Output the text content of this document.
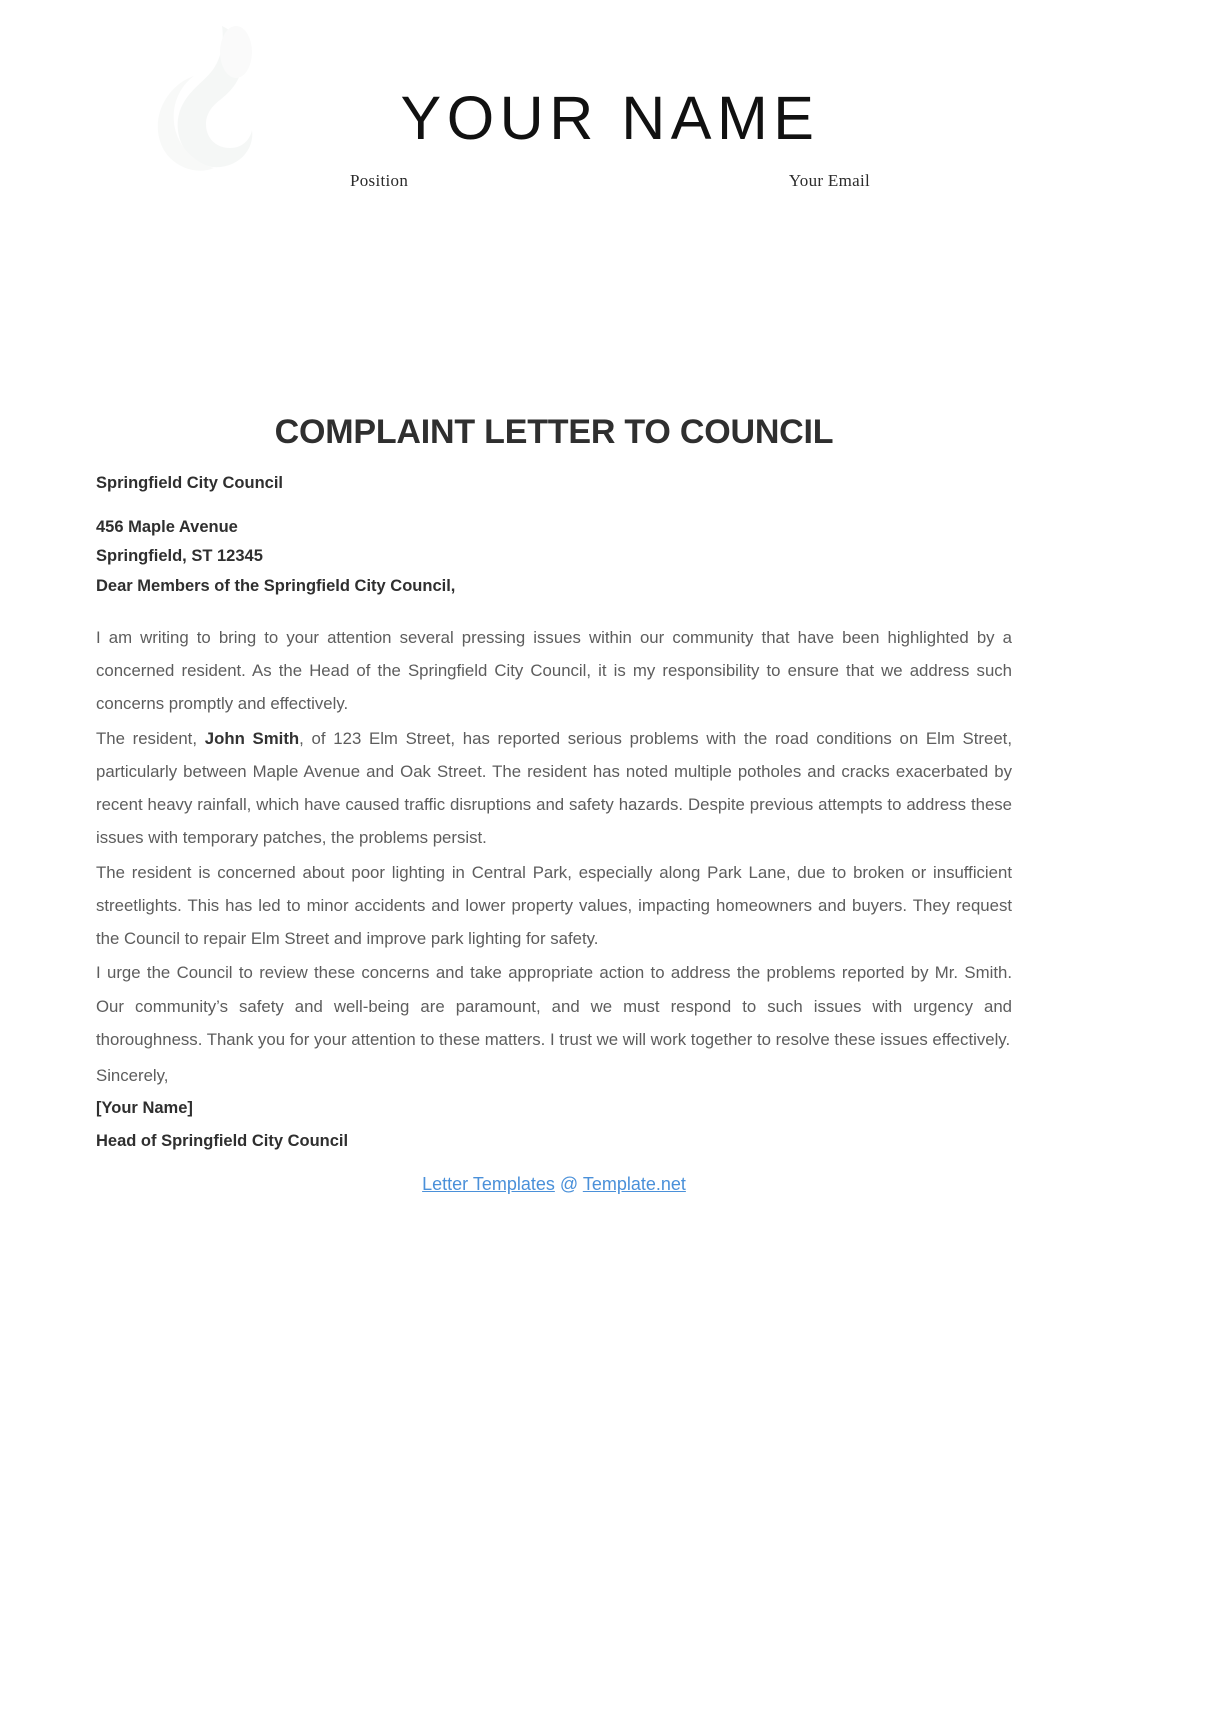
YOUR NAME
Position	Your Email
COMPLAINT LETTER TO COUNCIL
Springfield City Council
456 Maple Avenue
Springfield, ST 12345
Dear Members of the Springfield City Council,

I am writing to bring to your attention several pressing issues within our community that have been highlighted by a concerned resident. As the Head of the Springfield City Council, it is my responsibility to ensure that we address such concerns promptly and effectively.

The resident, John Smith, of 123 Elm Street, has reported serious problems with the road conditions on Elm Street, particularly between Maple Avenue and Oak Street. The resident has noted multiple potholes and cracks exacerbated by recent heavy rainfall, which have caused traffic disruptions and safety hazards. Despite previous attempts to address these issues with temporary patches, the problems persist.

The resident is concerned about poor lighting in Central Park, especially along Park Lane, due to broken or insufficient streetlights. This has led to minor accidents and lower property values, impacting homeowners and buyers. They request the Council to repair Elm Street and improve park lighting for safety.

I urge the Council to review these concerns and take appropriate action to address the problems reported by Mr. Smith. Our community’s safety and well-being are paramount, and we must respond to such issues with urgency and thoroughness. Thank you for your attention to these matters. I trust we will work together to resolve these issues effectively.

Sincerely,
[Your Name]
Head of Springfield City Council
Letter Templates @ Template.net
